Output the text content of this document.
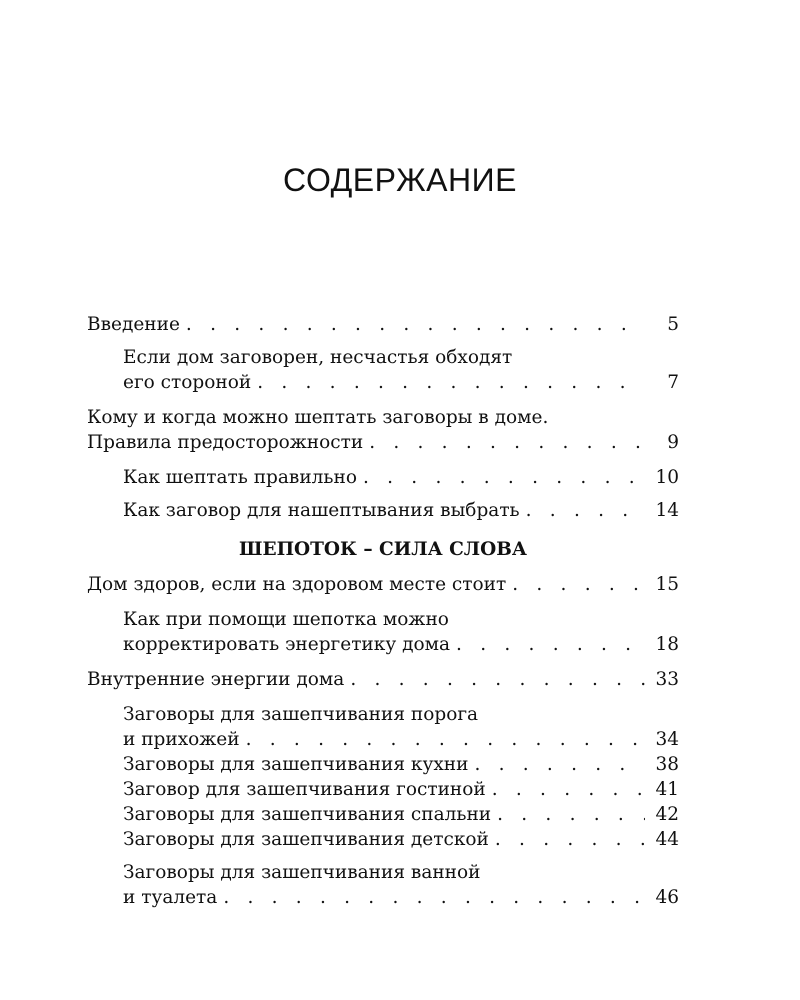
СОДЕРЖАНИЕ
Введение . . .	5
Если дом заговорен, несчастья обходят
его стороной . . .	7
Кому и когда можно шептать заговоры в доме.
Правила предосторожности . . .	9
Как шептать правильно . . .	10
Как заговор для нашептывания выбрать . . .	14
ШЕПОТОК – СИЛА СЛОВА
Дом здоров, если на здоровом месте стоит . . .	15
Как при помощи шепотка можно
корректировать энергетику дома . . .	18
Внутренние энергии дома . . .	33
Заговоры для зашепчивания порога
и прихожей . . .	34
Заговоры для зашепчивания кухни . . .	38
Заговор для зашепчивания гостиной . . .	41
Заговоры для зашепчивания спальни . . .	42
Заговоры для зашепчивания детской . . .	44
Заговоры для зашепчивания ванной
и туалета . . .	46
